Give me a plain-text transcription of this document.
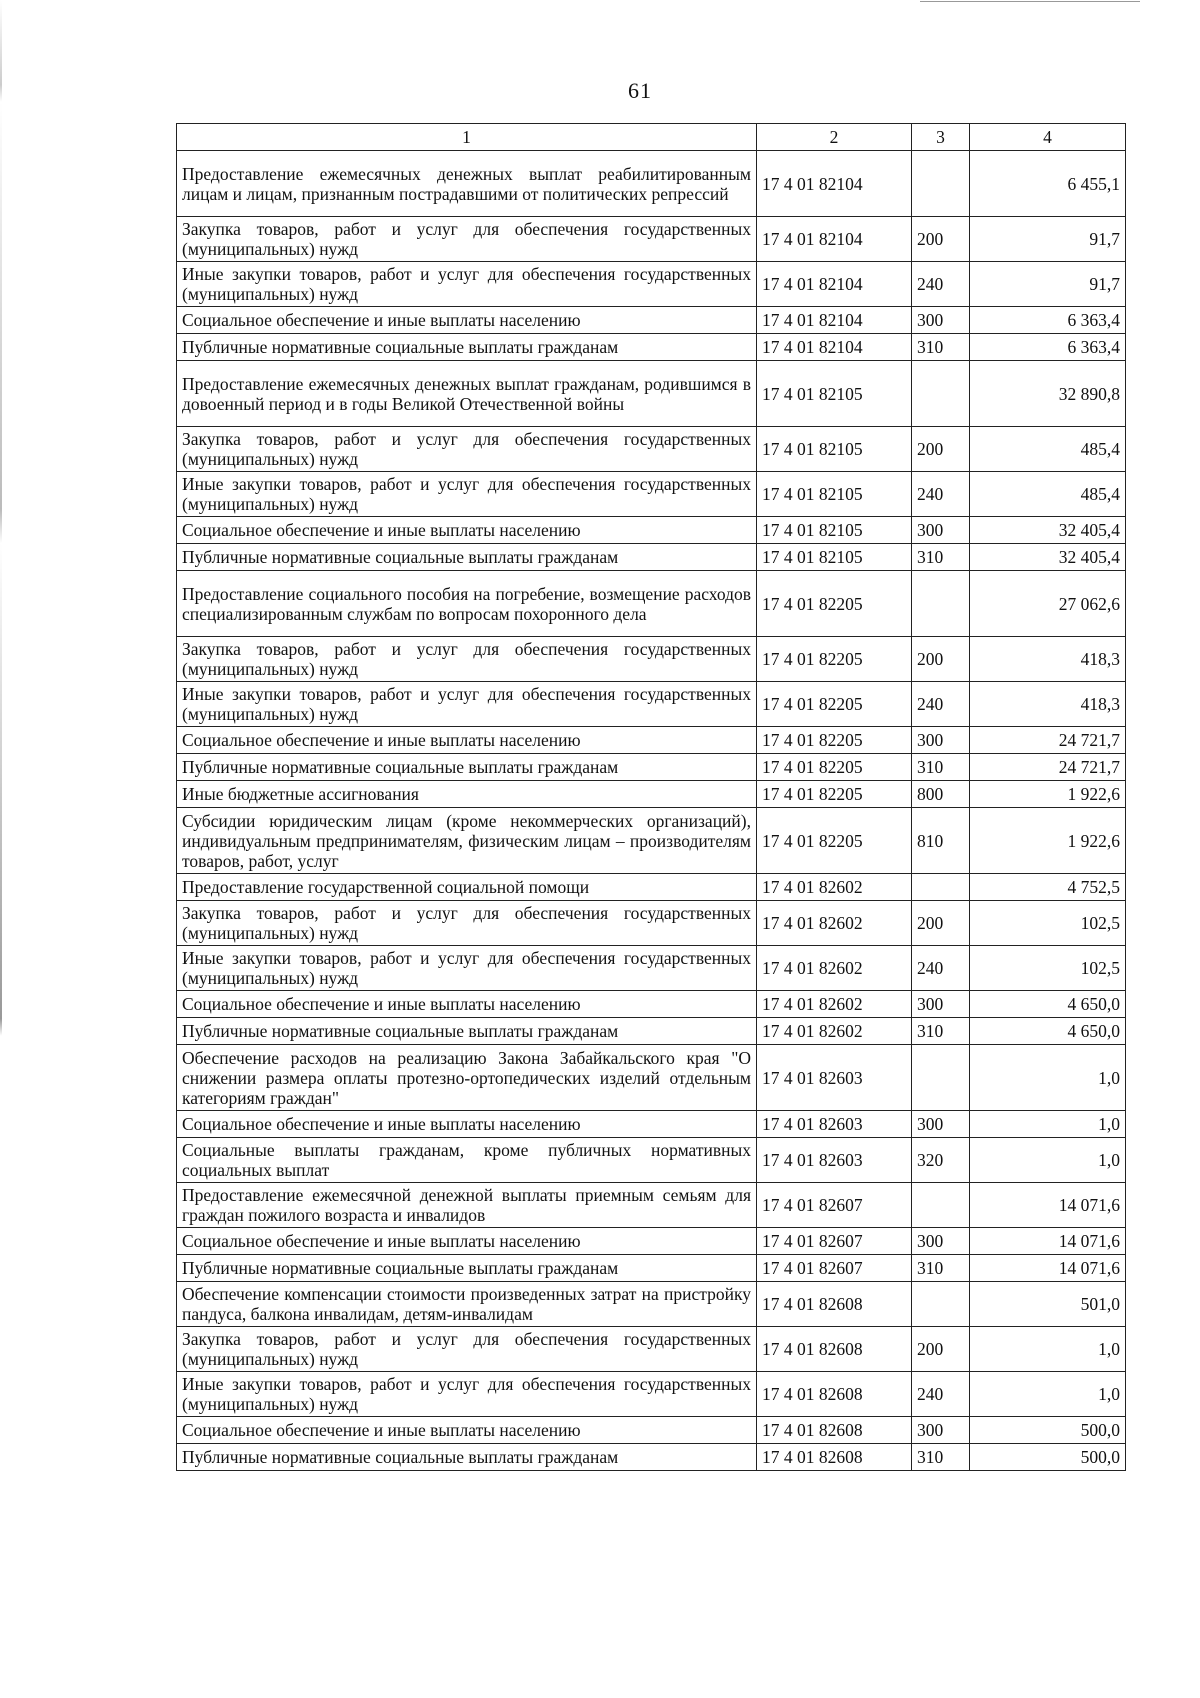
61
1	2	3	4
Предоставление ежемесячных денежных выплат реабилитированным лицам и лицам, признанным пострадавшими от политических репрессий	17 4 01 82104		6 455,1
Закупка товаров, работ и услуг для обеспечения государственных (муниципальных) нужд	17 4 01 82104	200	91,7
Иные закупки товаров, работ и услуг для обеспечения государственных (муниципальных) нужд	17 4 01 82104	240	91,7
Социальное обеспечение и иные выплаты населению	17 4 01 82104	300	6 363,4
Публичные нормативные социальные выплаты гражданам	17 4 01 82104	310	6 363,4
Предоставление ежемесячных денежных выплат гражданам, родившимся в довоенный период и в годы Великой Отечественной войны	17 4 01 82105		32 890,8
Закупка товаров, работ и услуг для обеспечения государственных (муниципальных) нужд	17 4 01 82105	200	485,4
Иные закупки товаров, работ и услуг для обеспечения государственных (муниципальных) нужд	17 4 01 82105	240	485,4
Социальное обеспечение и иные выплаты населению	17 4 01 82105	300	32 405,4
Публичные нормативные социальные выплаты гражданам	17 4 01 82105	310	32 405,4
Предоставление социального пособия на погребение, возмещение расходов специализированным службам по вопросам похоронного дела	17 4 01 82205		27 062,6
Закупка товаров, работ и услуг для обеспечения государственных (муниципальных) нужд	17 4 01 82205	200	418,3
Иные закупки товаров, работ и услуг для обеспечения государственных (муниципальных) нужд	17 4 01 82205	240	418,3
Социальное обеспечение и иные выплаты населению	17 4 01 82205	300	24 721,7
Публичные нормативные социальные выплаты гражданам	17 4 01 82205	310	24 721,7
Иные бюджетные ассигнования	17 4 01 82205	800	1 922,6
Субсидии юридическим лицам (кроме некоммерческих организаций), индивидуальным предпринимателям, физическим лицам – производителям товаров, работ, услуг	17 4 01 82205	810	1 922,6
Предоставление государственной социальной помощи	17 4 01 82602		4 752,5
Закупка товаров, работ и услуг для обеспечения государственных (муниципальных) нужд	17 4 01 82602	200	102,5
Иные закупки товаров, работ и услуг для обеспечения государственных (муниципальных) нужд	17 4 01 82602	240	102,5
Социальное обеспечение и иные выплаты населению	17 4 01 82602	300	4 650,0
Публичные нормативные социальные выплаты гражданам	17 4 01 82602	310	4 650,0
Обеспечение расходов на реализацию Закона Забайкальского края "О снижении размера оплаты протезно-ортопедических изделий отдельным категориям граждан"	17 4 01 82603		1,0
Социальное обеспечение и иные выплаты населению	17 4 01 82603	300	1,0
Социальные выплаты гражданам, кроме публичных нормативных социальных выплат	17 4 01 82603	320	1,0
Предоставление ежемесячной денежной выплаты приемным семьям для граждан пожилого возраста и инвалидов	17 4 01 82607		14 071,6
Социальное обеспечение и иные выплаты населению	17 4 01 82607	300	14 071,6
Публичные нормативные социальные выплаты гражданам	17 4 01 82607	310	14 071,6
Обеспечение компенсации стоимости произведенных затрат на пристройку пандуса, балкона инвалидам, детям-инвалидам	17 4 01 82608		501,0
Закупка товаров, работ и услуг для обеспечения государственных (муниципальных) нужд	17 4 01 82608	200	1,0
Иные закупки товаров, работ и услуг для обеспечения государственных (муниципальных) нужд	17 4 01 82608	240	1,0
Социальное обеспечение и иные выплаты населению	17 4 01 82608	300	500,0
Публичные нормативные социальные выплаты гражданам	17 4 01 82608	310	500,0
